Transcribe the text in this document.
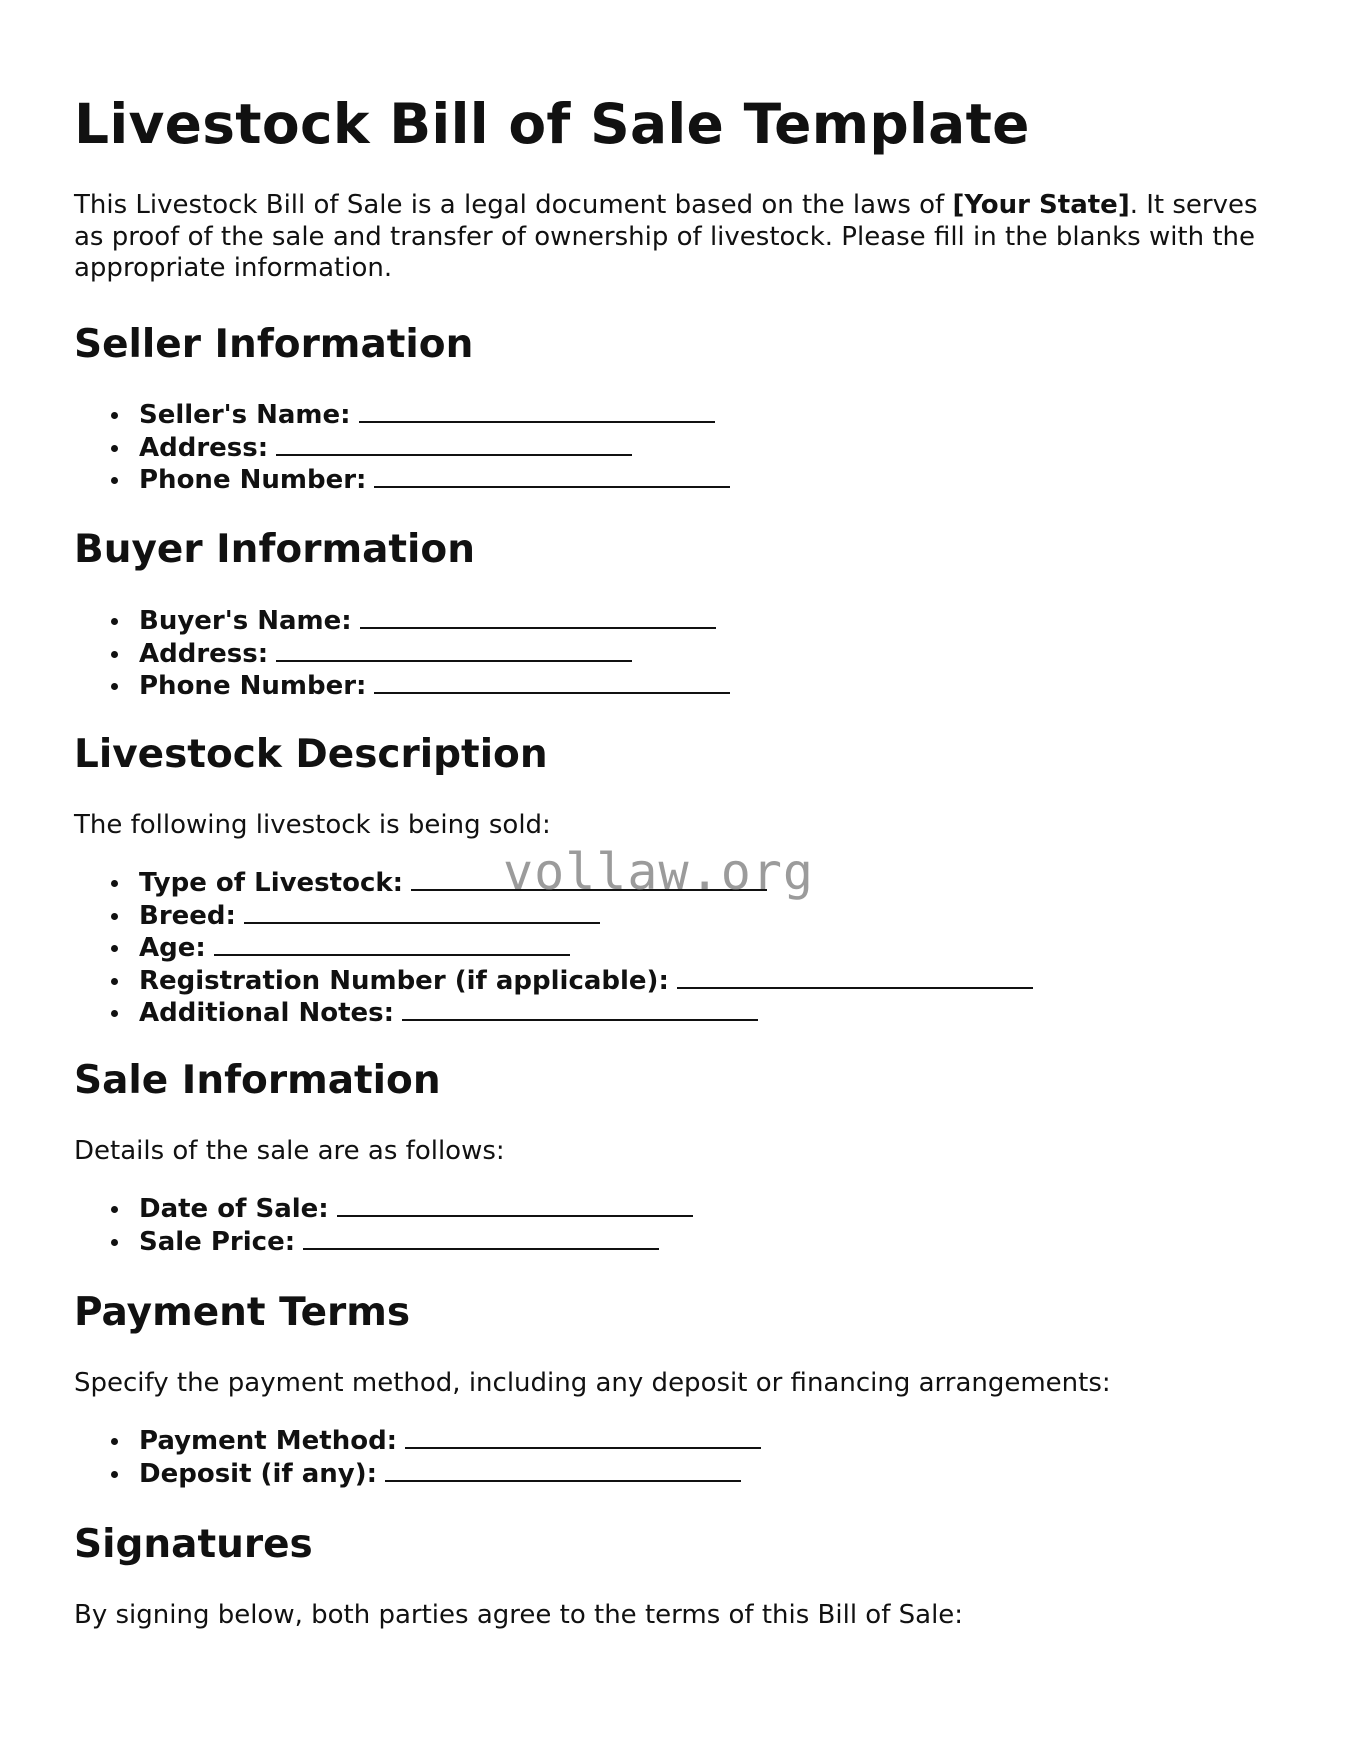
Livestock Bill of Sale Template

This Livestock Bill of Sale is a legal document based on the laws of [Your State]. It serves as proof of the sale and transfer of ownership of livestock. Please fill in the blanks with the appropriate information.

Seller Information
Seller's Name:
Address:
Phone Number:
Buyer Information
Buyer's Name:
Address:
Phone Number:
Livestock Description

The following livestock is being sold:

Type of Livestock:
Breed:
Age:
Registration Number (if applicable):
Additional Notes:
Sale Information

Details of the sale are as follows:

Date of Sale:
Sale Price:
Payment Terms

Specify the payment method, including any deposit or financing arrangements:

Payment Method:
Deposit (if any):
Signatures

By signing below, both parties agree to the terms of this Bill of Sale:

vollaw.org
